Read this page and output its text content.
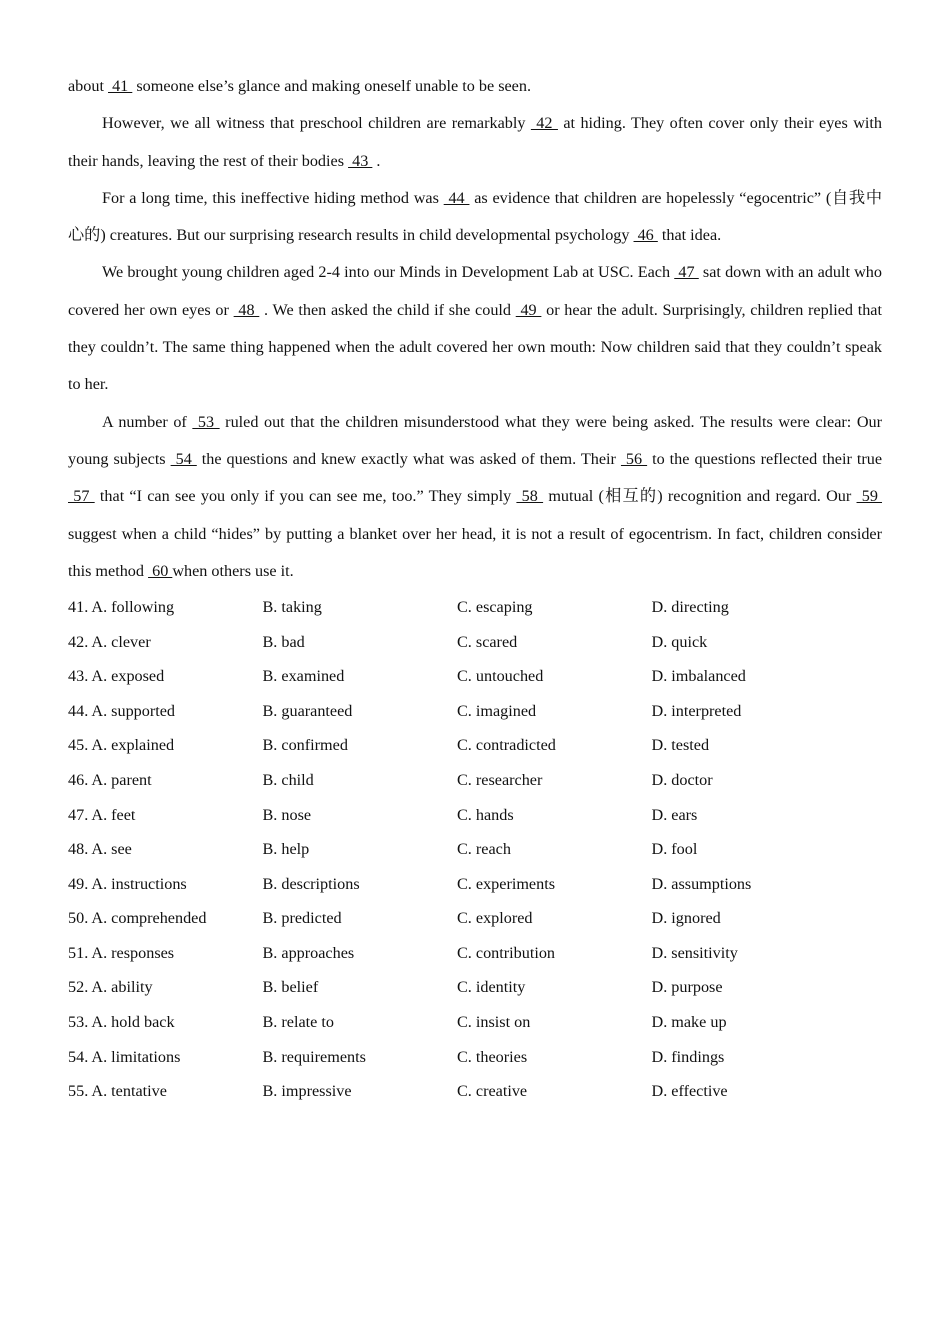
about  41  someone else’s glance and making oneself unable to be seen.

However, we all witness that preschool children are remarkably  42  at hiding. They often cover only their eyes with their hands, leaving the rest of their bodies  43  .

For a long time, this ineffective hiding method was  44  as evidence that children are hopelessly “egocentric” (自我中心的) creatures. But our surprising research results in child developmental psychology  46  that idea.

We brought young children aged 2-4 into our Minds in Development Lab at USC. Each  47  sat down with an adult who covered her own eyes or  48  . We then asked the child if she could  49  or hear the adult. Surprisingly, children replied that they couldn’t. The same thing happened when the adult covered her own mouth: Now children said that they couldn’t speak to her.

A number of  53  ruled out that the children misunderstood what they were being asked. The results were clear: Our young subjects  54  the questions and knew exactly what was asked of them. Their  56  to the questions reflected their true  57  that “I can see you only if you can see me, too.” They simply  58  mutual (相互的) recognition and regard. Our  59  suggest when a child “hides” by putting a blanket over her head, it is not a result of egocentrism. In fact, children consider this method  60 when others use it.

41. A. following	B. taking	C. escaping	D. directing
42. A. clever	B. bad	C. scared	D. quick
43. A. exposed	B. examined	C. untouched	D. imbalanced
44. A. supported	B. guaranteed	C. imagined	D. interpreted
45. A. explained	B. confirmed	C. contradicted	D. tested
46. A. parent	B. child	C. researcher	D. doctor
47. A. feet	B. nose	C. hands	D. ears
48. A. see	B. help	C. reach	D. fool
49. A. instructions	B. descriptions	C. experiments	D. assumptions
50. A. comprehended	B. predicted	C. explored	D. ignored
51. A. responses	B. approaches	C. contribution	D. sensitivity
52. A. ability	B. belief	C. identity	D. purpose
53. A. hold back	B. relate to	C. insist on	D. make up
54. A. limitations	B. requirements	C. theories	D. findings
55. A. tentative	B. impressive	C. creative	D. effective
